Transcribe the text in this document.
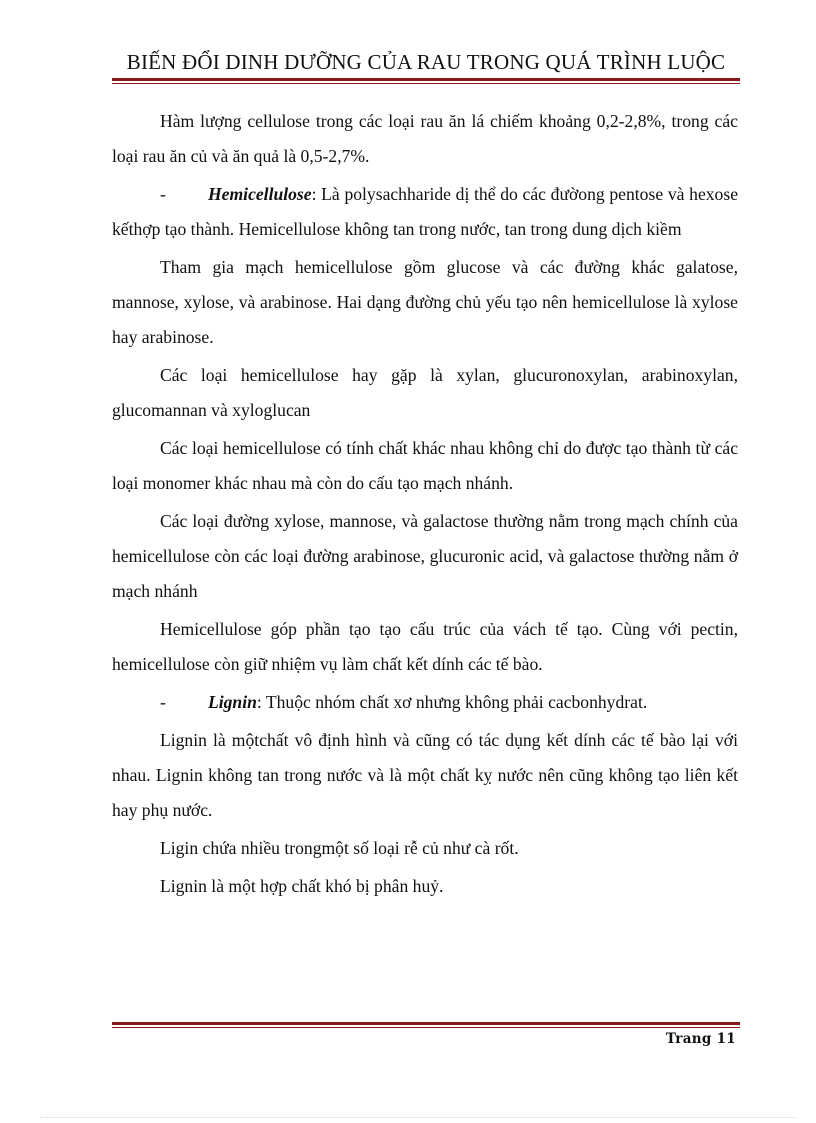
BIẾN ĐỔI DINH DƯỠNG CỦA RAU TRONG QUÁ TRÌNH LUỘC

Hàm lượng cellulose trong các loại rau ăn lá chiếm khoảng 0,2-2,8%, trong các loại rau ăn củ và ăn quả là 0,5-2,7%.

- Hemicellulose: Là polysachharide dị thể do các đườong pentose và hexose kếthợp tạo thành. Hemicellulose không tan trong nước, tan trong dung dịch kiềm

Tham gia mạch hemicellulose gồm glucose và các đường khác galatose, mannose, xylose, và arabinose. Hai dạng đường chủ yếu tạo nên hemicellulose là xylose hay arabinose.

Các loại hemicellulose hay gặp là xylan, glucuronoxylan, arabinoxylan, glucomannan và xyloglucan

Các loại hemicellulose có tính chất khác nhau không chỉ do được tạo thành từ các loại monomer khác nhau mà còn do cấu tạo mạch nhánh.

Các loại đường xylose, mannose, và galactose thường nằm trong mạch chính của hemicellulose còn các loại đường arabinose, glucuronic acid, và galactose thường nằm ở mạch nhánh

Hemicellulose góp phần tạo tạo cấu trúc của vách tế tạo. Cùng với pectin, hemicellulose còn giữ nhiệm vụ làm chất kết dính các tế bào.

- Lignin: Thuộc nhóm chất xơ nhưng không phải cacbonhydrat.

Lignin là mộtchất vô định hình và cũng có tác dụng kết dính các tế bào lại với nhau. Lignin không tan trong nước và là một chất kỵ nước nên cũng không tạo liên kết hay phụ nước.

Ligin chứa nhiều trongmột số loại rễ củ như cà rốt.

Lignin là một hợp chất khó bị phân huỷ.

Trang 11
